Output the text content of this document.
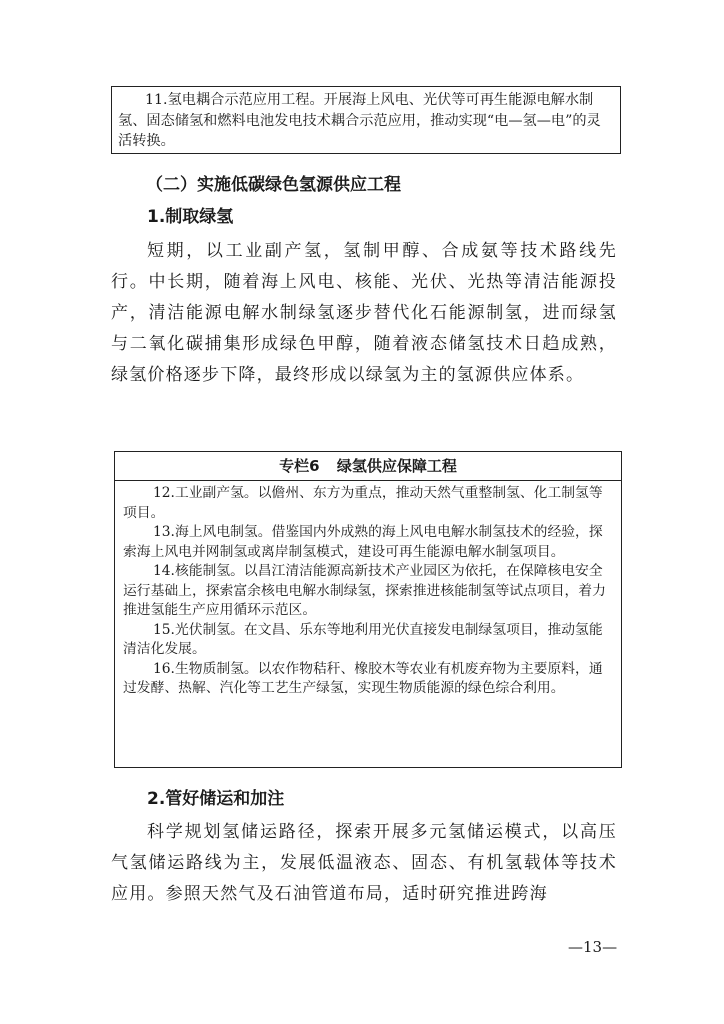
11.氢电耦合示范应用工程。开展海上风电、光伏等可再生能源电解水制氢、固态储氢和燃料电池发电技术耦合示范应用，推动实现“电—氢—电”的灵活转换。

（二）实施低碳绿色氢源供应工程
1.制取绿氢

短期，以工业副产氢，氢制甲醇、合成氨等技术路线先行。中长期，随着海上风电、核能、光伏、光热等清洁能源投产，清洁能源电解水制绿氢逐步替代化石能源制氢，进而绿氢与二氧化碳捕集形成绿色甲醇，随着液态储氢技术日趋成熟，绿氢价格逐步下降，最终形成以绿氢为主的氢源供应体系。

专栏6 绿氢供应保障工程

12.工业副产氢。以儋州、东方为重点，推动天然气重整制氢、化工制氢等项目。

13.海上风电制氢。借鉴国内外成熟的海上风电电解水制氢技术的经验，探索海上风电并网制氢或离岸制氢模式，建设可再生能源电解水制氢项目。

14.核能制氢。以昌江清洁能源高新技术产业园区为依托，在保障核电安全运行基础上，探索富余核电电解水制绿氢，探索推进核能制氢等试点项目，着力推进氢能生产应用循环示范区。

15.光伏制氢。在文昌、乐东等地利用光伏直接发电制绿氢项目，推动氢能清洁化发展。

16.生物质制氢。以农作物秸秆、橡胶木等农业有机废弃物为主要原料，通过发酵、热解、汽化等工艺生产绿氢，实现生物质能源的绿色综合利用。

2.管好储运和加注

科学规划氢储运路径，探索开展多元氢储运模式，以高压气氢储运路线为主，发展低温液态、固态、有机氢载体等技术应用。参照天然气及石油管道布局，适时研究推进跨海

—13—
